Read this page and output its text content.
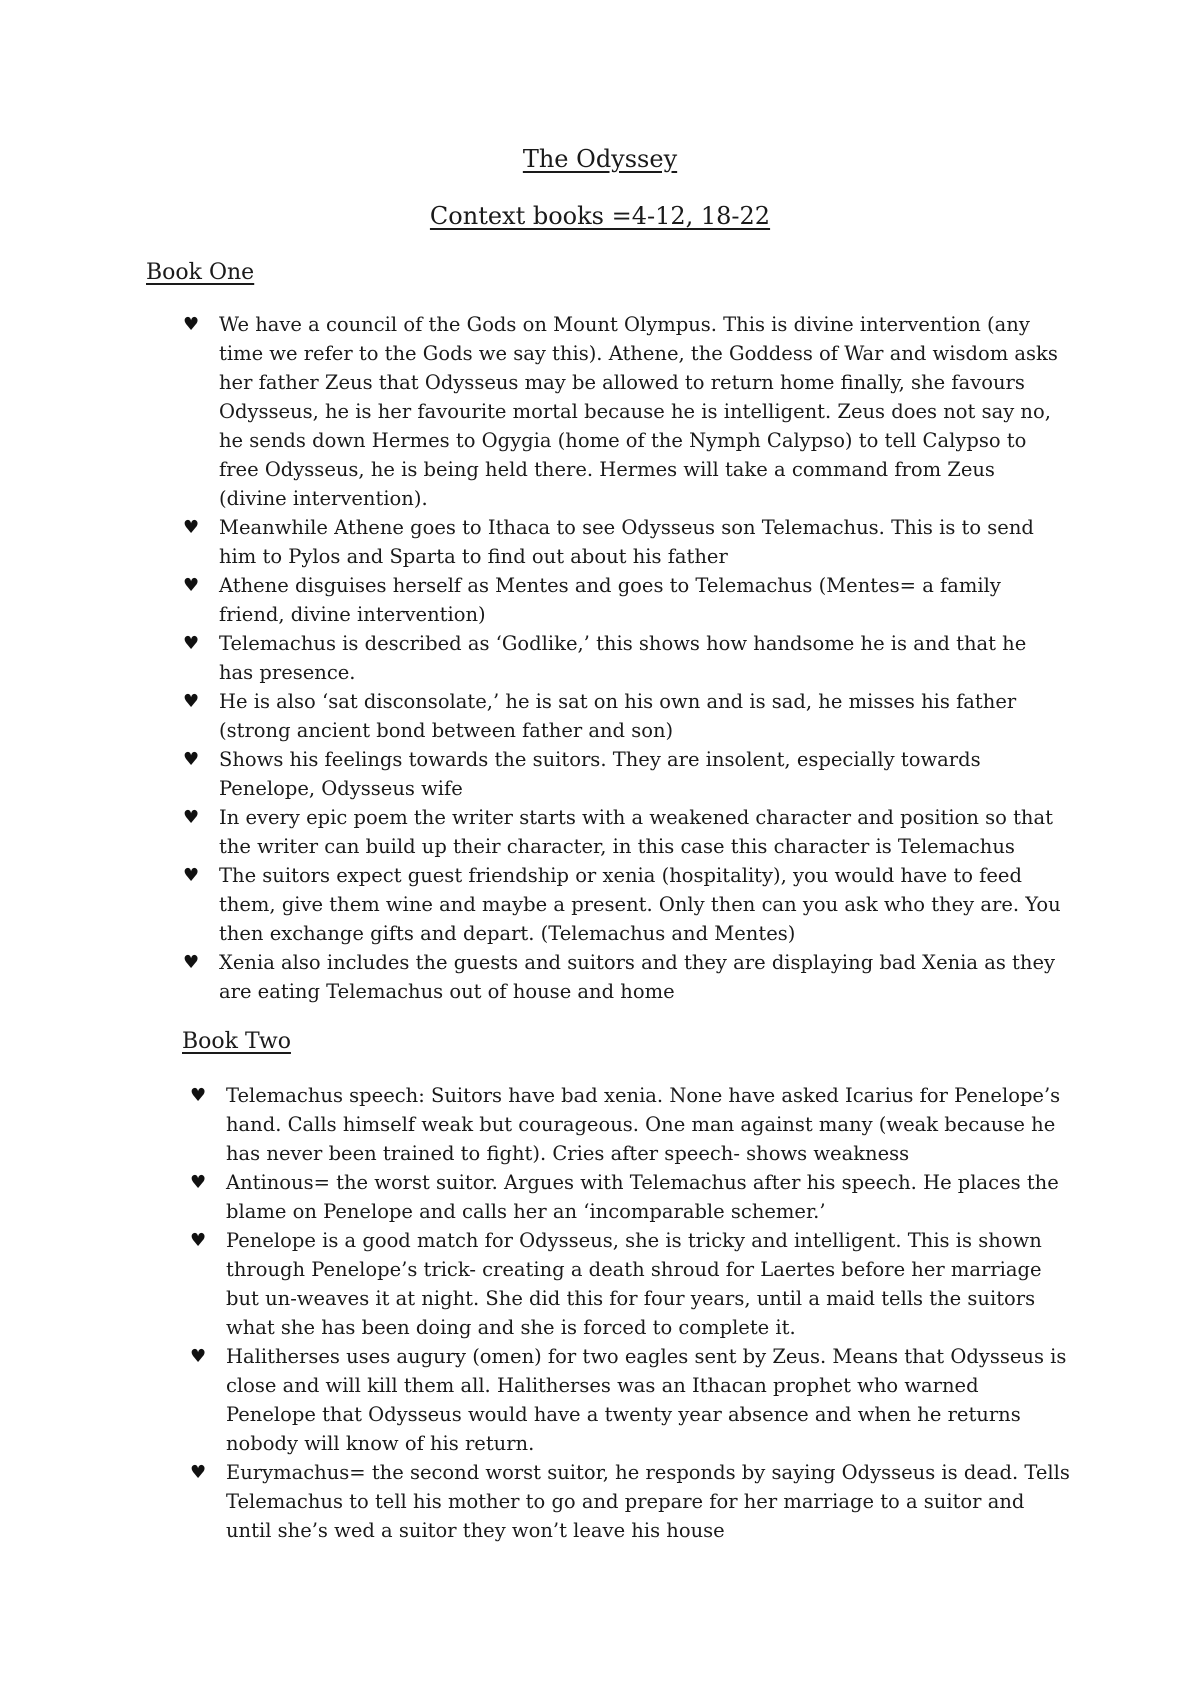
The Odyssey
Context books =4-12, 18-22
Book One
♥ We have a council of the Gods on Mount Olympus. This is divine intervention (any time we refer to the Gods we say this). Athene, the Goddess of War and wisdom asks her father Zeus that Odysseus may be allowed to return home finally, she favours Odysseus, he is her favourite mortal because he is intelligent. Zeus does not say no, he sends down Hermes to Ogygia (home of the Nymph Calypso) to tell Calypso to free Odysseus, he is being held there. Hermes will take a command from Zeus (divine intervention).
♥ Meanwhile Athene goes to Ithaca to see Odysseus son Telemachus. This is to send him to Pylos and Sparta to find out about his father
♥ Athene disguises herself as Mentes and goes to Telemachus (Mentes= a family friend, divine intervention)
♥ Telemachus is described as ‘Godlike,’ this shows how handsome he is and that he has presence.
♥ He is also ‘sat disconsolate,’ he is sat on his own and is sad, he misses his father (strong ancient bond between father and son)
♥ Shows his feelings towards the suitors. They are insolent, especially towards Penelope, Odysseus wife
♥ In every epic poem the writer starts with a weakened character and position so that the writer can build up their character, in this case this character is Telemachus
♥ The suitors expect guest friendship or xenia (hospitality), you would have to feed them, give them wine and maybe a present. Only then can you ask who they are. You then exchange gifts and depart. (Telemachus and Mentes)
♥ Xenia also includes the guests and suitors and they are displaying bad Xenia as they are eating Telemachus out of house and home
Book Two
♥ Telemachus speech: Suitors have bad xenia. None have asked Icarius for Penelope’s hand. Calls himself weak but courageous. One man against many (weak because he has never been trained to fight). Cries after speech- shows weakness
♥ Antinous= the worst suitor. Argues with Telemachus after his speech. He places the blame on Penelope and calls her an ‘incomparable schemer.’
♥ Penelope is a good match for Odysseus, she is tricky and intelligent. This is shown through Penelope’s trick- creating a death shroud for Laertes before her marriage but un-weaves it at night. She did this for four years, until a maid tells the suitors what she has been doing and she is forced to complete it.
♥ Halitherses uses augury (omen) for two eagles sent by Zeus. Means that Odysseus is close and will kill them all. Halitherses was an Ithacan prophet who warned Penelope that Odysseus would have a twenty year absence and when he returns nobody will know of his return.
♥ Eurymachus= the second worst suitor, he responds by saying Odysseus is dead. Tells Telemachus to tell his mother to go and prepare for her marriage to a suitor and until she’s wed a suitor they won’t leave his house
